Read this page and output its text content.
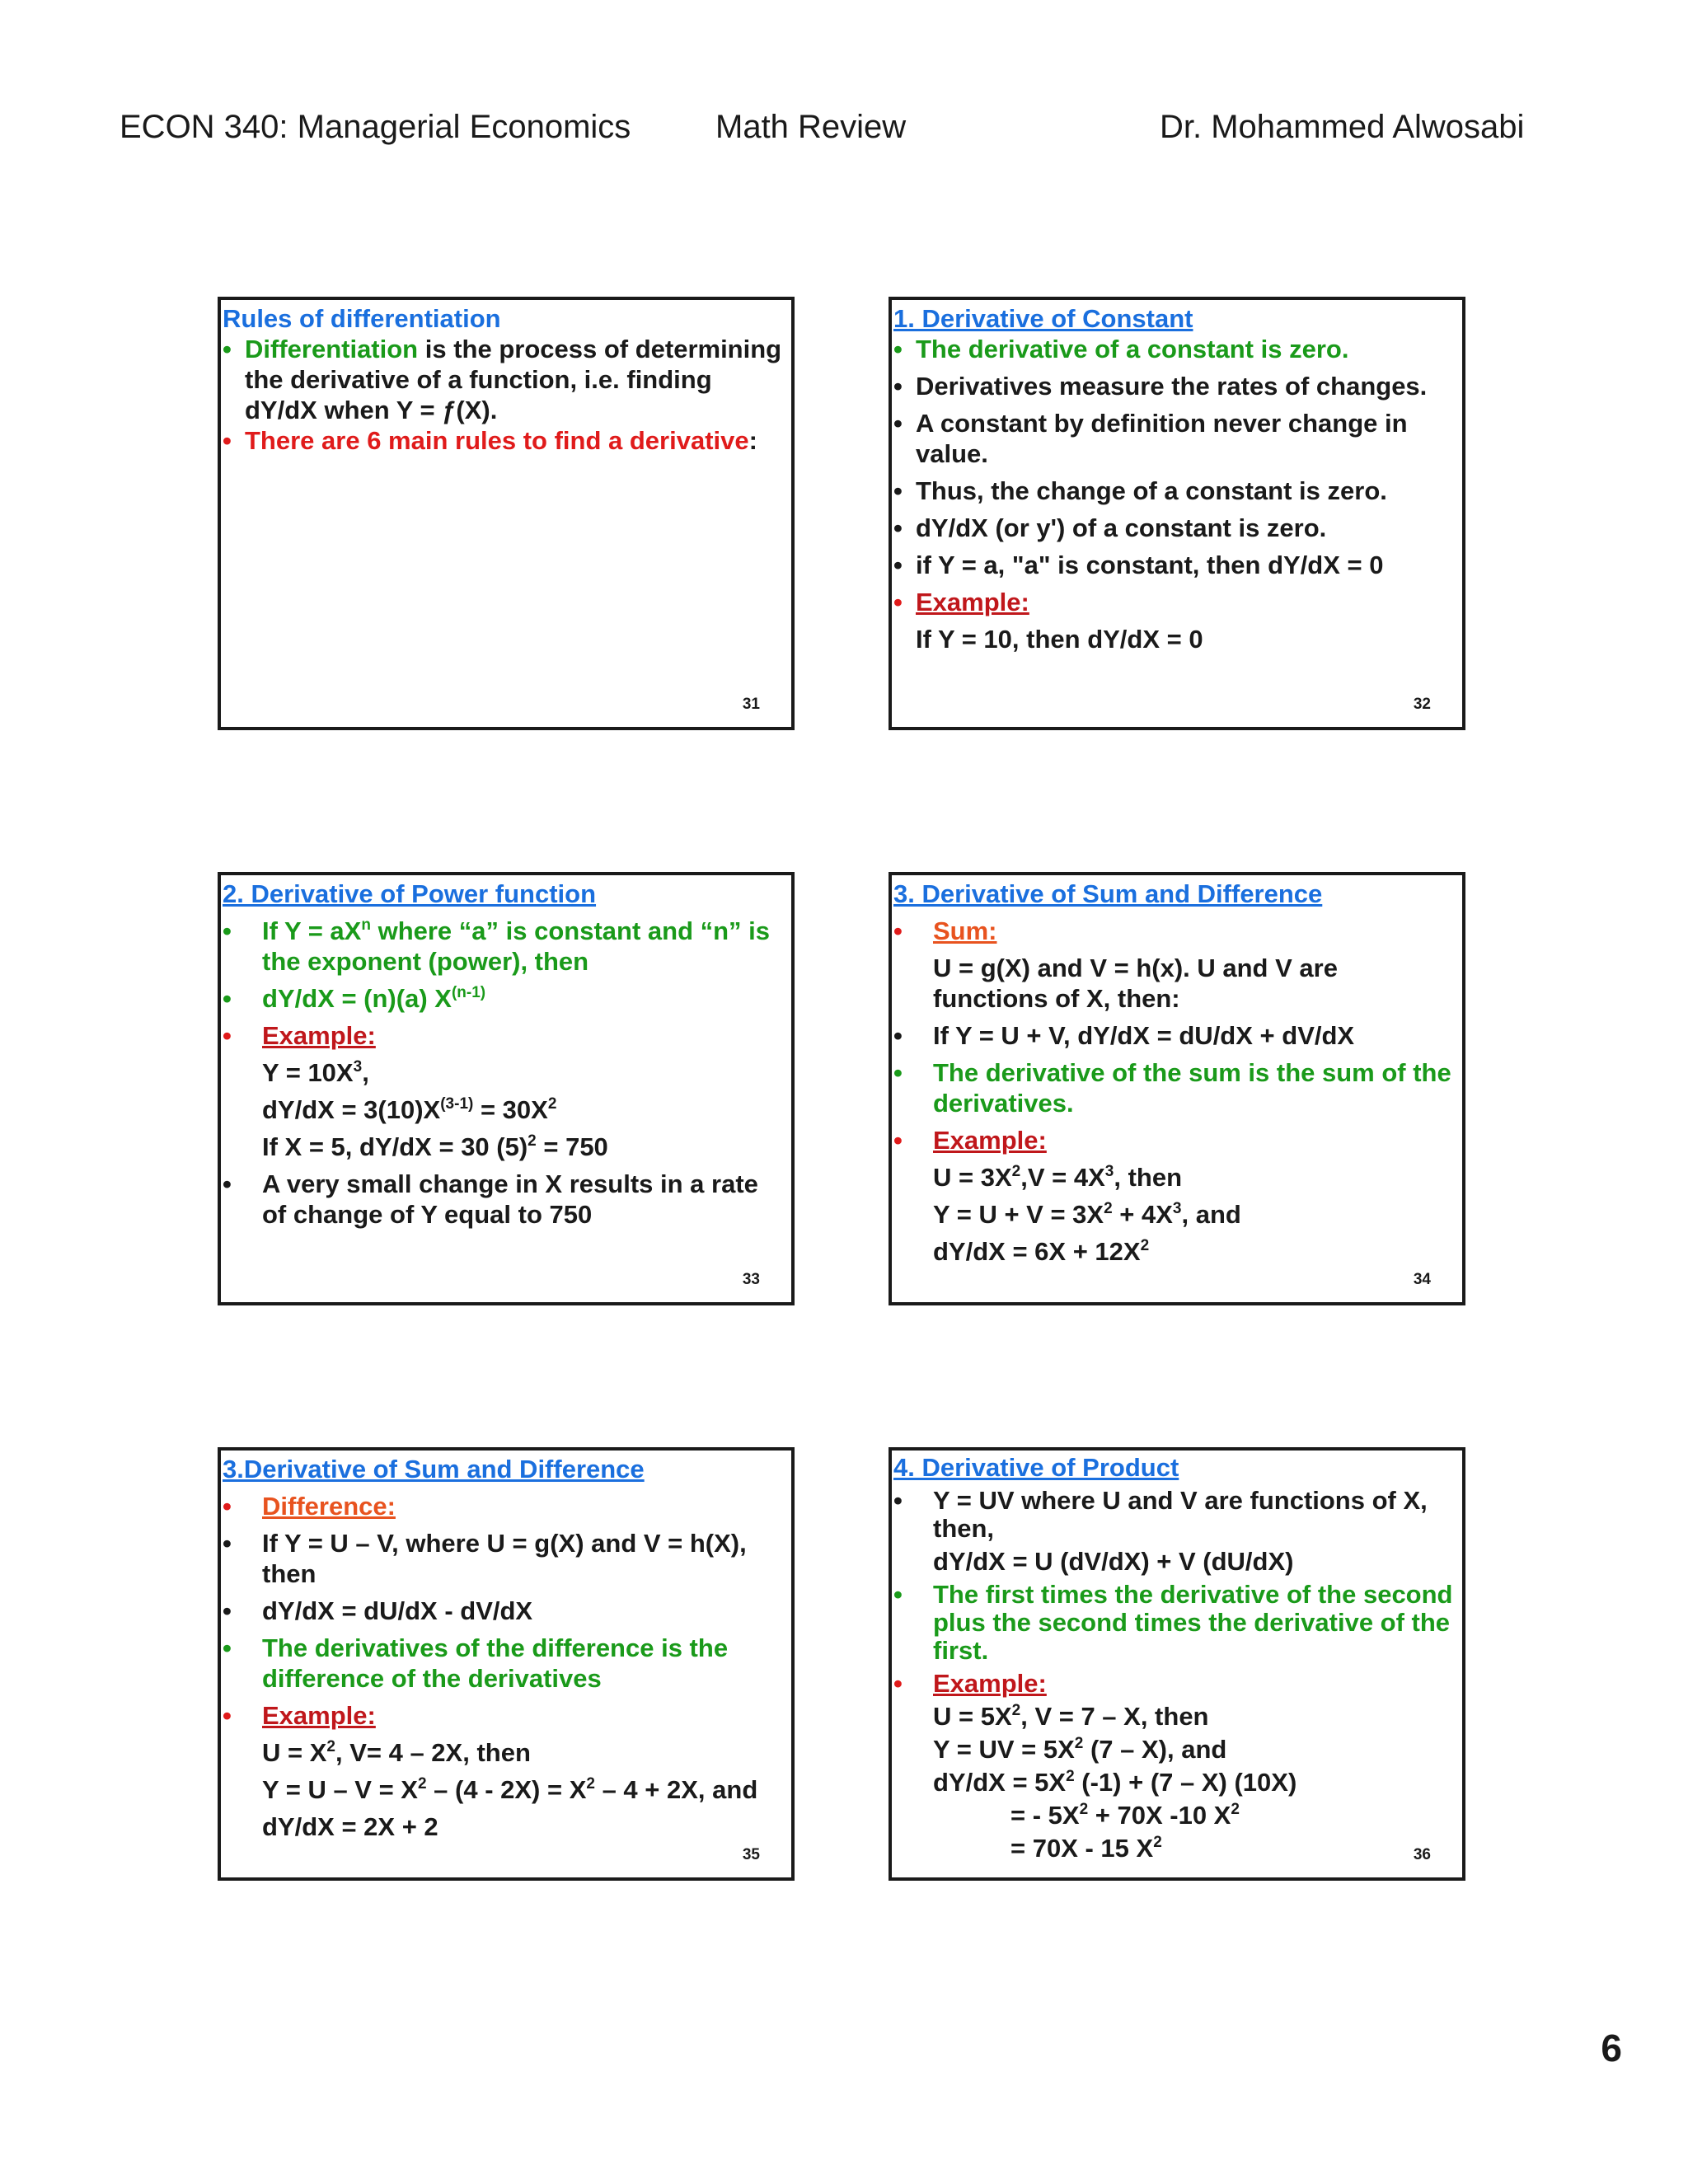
ECON 340: Managerial Economics	Math Review	Dr. Mohammed Alwosabi
Rules of differentiation
• Differentiation is the process of determining the derivative of a function, i.e. finding dY/dX when Y = ƒ(X).
• There are 6 main rules to find a derivative:
31
1. Derivative of Constant
• The derivative of a constant is zero.
• Derivatives measure the rates of changes.
• A constant by definition never change in value.
• Thus, the change of a constant is zero.
• dY/dX (or y') of a constant is zero.
• if Y = a, "a" is constant, then dY/dX = 0
• Example:
If Y = 10, then dY/dX = 0
32
2. Derivative of Power function
•	If $Y = aX^n$ where “a” is constant and “n” is the exponent (power), then
•	dY/dX = (n)(a) $X^{(n-1)}$
•	Example:
$Y = 10X^3$,
$dY/dX = 3(10)X^{(3-1)} = 30X^2$
If X = 5, dY/dX = 30 $(5)^2 = 750$
•	A very small change in X results in a rate of change of Y equal to 750
33
3. Derivative of Sum and Difference
•	Sum:
U = g(X) and V = h(x). U and V are functions of X, then:
•	If Y = U + V, dY/dX = dU/dX + dV/dX
•	The derivative of the sum is the sum of the derivatives.
•	Example:
$U = 3X^2,V = 4X^3$, then
$Y = U + V = 3X^2 + 4X^3$, and
$dY/dX = 6X + 12X^2$
34
3.Derivative of Sum and Difference
•	Difference:
•	If Y = U – V, where U = g(X) and V = h(X), then
•	dY/dX = dU/dX - dV/dX
•	The derivatives of the difference is the difference of the derivatives
•	Example:
$U = X^2$, V= 4 – 2X, then
$Y = U - V = X^2 - (4 - 2X) = X^2 - 4 + 2X$, and
dY/dX = 2X + 2
35
4. Derivative of Product
•	Y = UV where U and V are functions of X, then,
dY/dX = U (dV/dX) + V (dU/dX)
•	The first times the derivative of the second plus the second times the derivative of the first.
•	Example:
$U = 5X^2$, V = 7 – X, then
Y = UV = $5X^2$ (7 – X), and
$dY/dX = 5X^2$ (-1) + (7 – X) (10X)
= - $5X^2 + 70X$ -10 $X^2$
= 70X - 15 $X^2$
36
6
